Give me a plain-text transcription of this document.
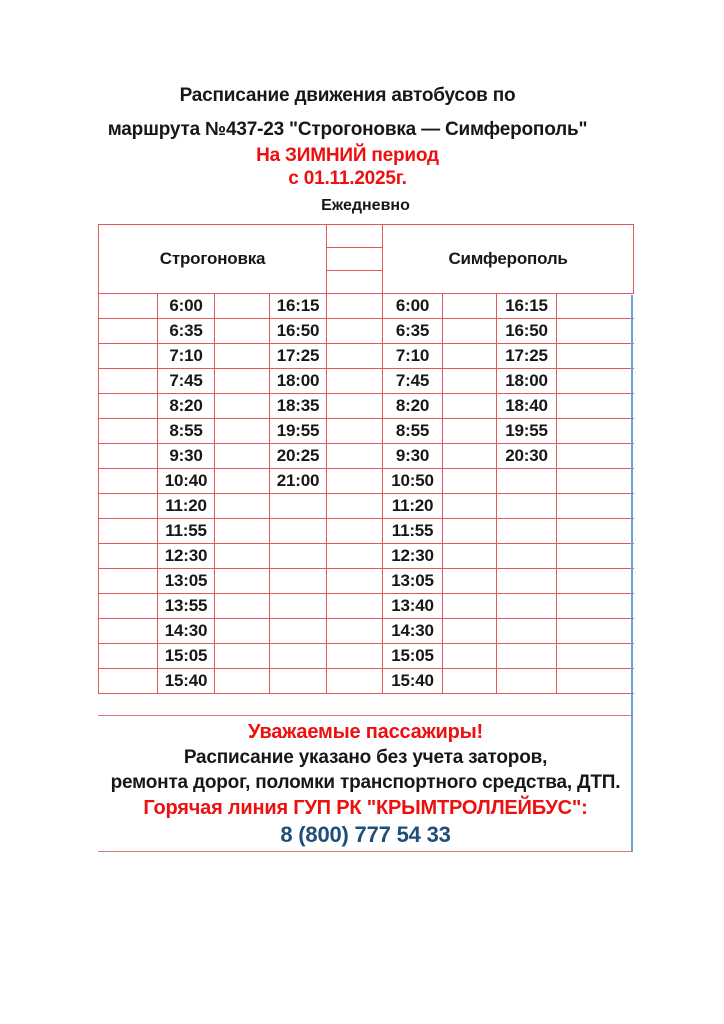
Расписание движения автобусов по
маршрута №437-23 "Строгоновка — Симферополь"
На ЗИМНИЙ период
с 01.11.2025г.
Ежедневно
Строгоновка					Симферополь			

	6:00		16:15		6:00		16:15	
	6:35		16:50		6:35		16:50	
	7:10		17:25		7:10		17:25	
	7:45		18:00		7:45		18:00	
	8:20		18:35		8:20		18:40	
	8:55		19:55		8:55		19:55	
	9:30		20:25		9:30		20:30	
	10:40		21:00		10:50			
	11:20				11:20			
	11:55				11:55			
	12:30				12:30			
	13:05				13:05			
	13:55				13:40			
	14:30				14:30			
	15:05				15:05			
	15:40				15:40			
Уважаемые пассажиры!
Расписание указано без учета заторов,
ремонта дорог, поломки транспортного средства, ДТП.
Горячая линия ГУП РК "КРЫМТРОЛЛЕЙБУС":
8 (800) 777 54 33
